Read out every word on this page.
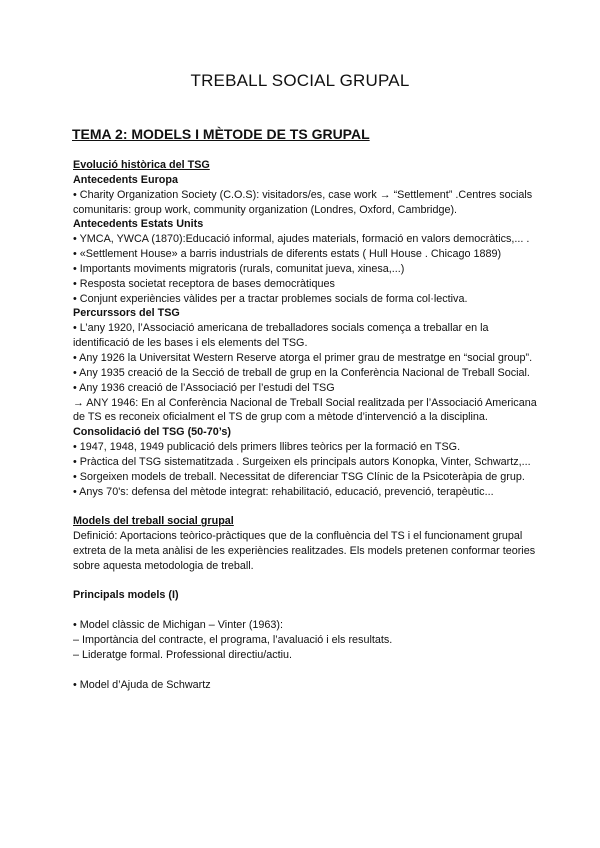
TREBALL SOCIAL GRUPAL
TEMA 2: MODELS I MÈTODE DE TS GRUPAL
Evolució històrica del TSG
Antecedents Europa
• Charity Organization Society (C.O.S): visitadors/es, case work → “Settlement” .Centres socials comunitaris: group work, community organization (Londres, Oxford, Cambridge).
Antecedents Estats Units
• YMCA, YWCA (1870):Educació informal, ajudes materials, formació en valors democràtics,... .
• «Settlement House» a barris industrials de diferents estats ( Hull House . Chicago 1889)
• Importants moviments migratoris (rurals, comunitat jueva, xinesa,...)
• Resposta societat receptora de bases democràtiques
• Conjunt experiències vàlides per a tractar problemes socials de forma col·lectiva.
Percurssors del TSG
• L’any 1920, l’Associació americana de treballadores socials comença a treballar en la identificació de les bases i els elements del TSG.
• Any 1926 la Universitat Western Reserve atorga el primer grau de mestratge en “social group”.
• Any 1935 creació de la Secció de treball de grup en la Conferència Nacional de Treball Social.
• Any 1936 creació de l’Associació per l’estudi del TSG
→ ANY 1946: En al Conferència Nacional de Treball Social realitzada per l’Associació Americana de TS es reconeix oficialment el TS de grup com a mètode d’intervenció a la disciplina.
Consolidació del TSG (50-70’s)
• 1947, 1948, 1949 publicació dels primers llibres teòrics per la formació en TSG.
• Pràctica del TSG sistematitzada . Surgeixen els principals autors Konopka, Vinter, Schwartz,...
• Sorgeixen models de treball. Necessitat de diferenciar TSG Clínic de la Psicoteràpia de grup.
• Anys 70's: defensa del mètode integrat: rehabilitació, educació, prevenció, terapèutic...
Models del treball social grupal
Definició: Aportacions teòrico-pràctiques que de la confluència del TS i el funcionament grupal extreta de la meta anàlisi de les experiències realitzades. Els models pretenen conformar teories sobre aquesta metodologia de treball.
Principals models (I)
• Model clàssic de Michigan – Vinter (1963):
– Importància del contracte, el programa, l’avaluació i els resultats.
– Lideratge formal. Professional directiu/actiu.
• Model d’Ajuda de Schwartz
